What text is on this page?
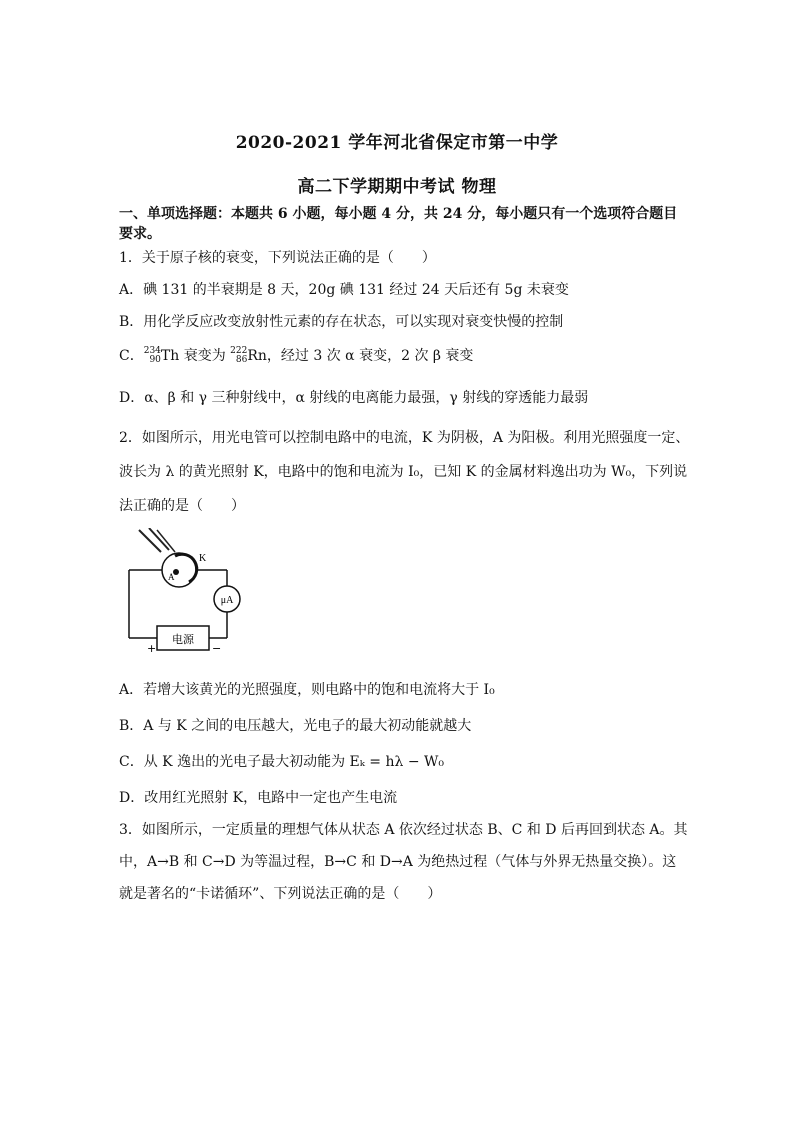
2020-2021 学年河北省保定市第一中学
高二下学期期中考试 物理
一、单项选择题：本题共 6 小题，每小题 4 分，共 24 分，每小题只有一个选项符合题目要求。
1．关于原子核的衰变，下列说法正确的是（　　）
A．碘 131 的半衰期是 8 天，20g 碘 131 经过 24 天后还有 5g 未衰变
B．用化学反应改变放射性元素的存在状态，可以实现对衰变快慢的控制
C． 234
90 Th 衰变为 222
86 Rn，经过 3 次 α 衰变，2 次 β 衰变
D．α、β 和 γ 三种射线中，α 射线的电离能力最强，γ 射线的穿透能力最弱
2．如图所示，用光电管可以控制电路中的电流，K 为阴极，A 为阳极。利用光照强度一定、
波长为 λ 的黄光照射 K，电路中的饱和电流为 I₀，已知 K 的金属材料逸出功为 W₀，下列说
法正确的是（　　）
K
A
μA
电源
+	−
A．若增大该黄光的光照强度，则电路中的饱和电流将大于 I₀
B．A 与 K 之间的电压越大，光电子的最大初动能就越大
C．从 K 逸出的光电子最大初动能为 Eₖ = hλ − W₀
D．改用红光照射 K，电路中一定也产生电流
3．如图所示，一定质量的理想气体从状态 A 依次经过状态 B、C 和 D 后再回到状态 A。其
中，A→B 和 C→D 为等温过程，B→C 和 D→A 为绝热过程（气体与外界无热量交换）。这
就是著名的“卡诺循环”、下列说法正确的是（　　）
